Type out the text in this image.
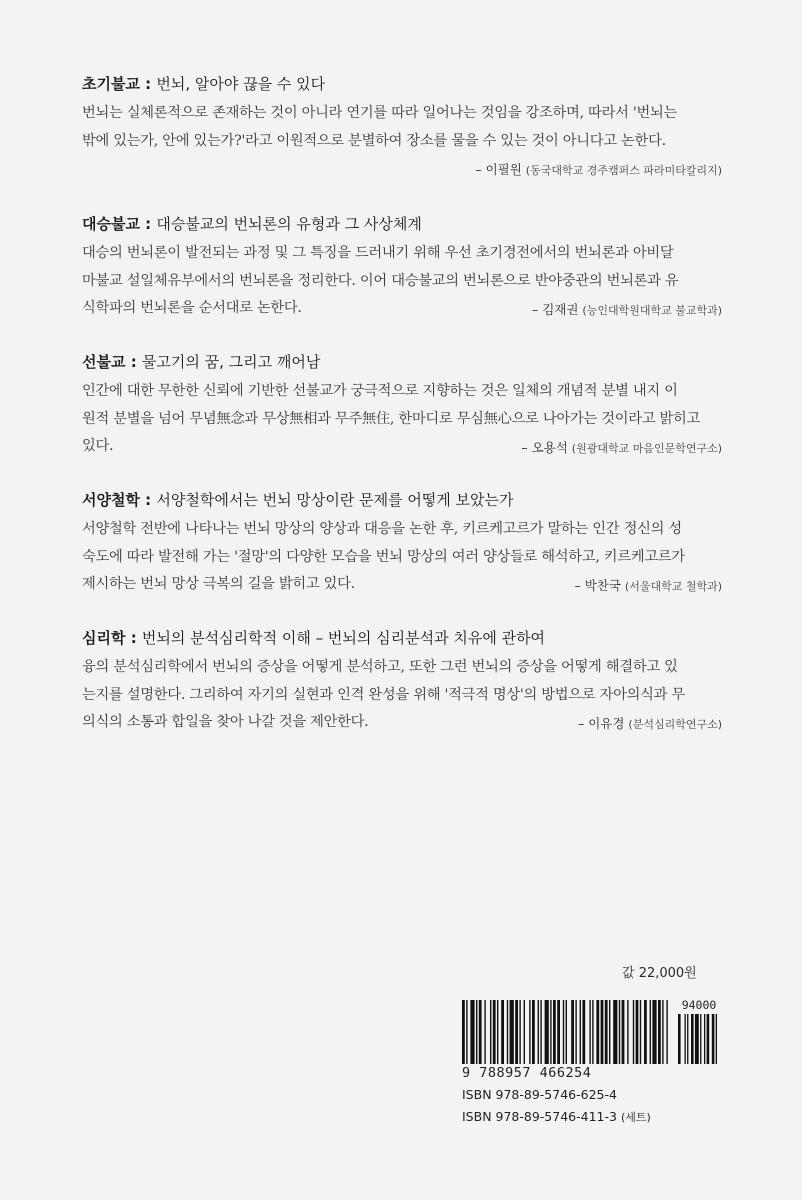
초기불교 : 번뇌, 알아야 끊을 수 있다

번뇌는 실체론적으로 존재하는 것이 아니라 연기를 따라 일어나는 것임을 강조하며, 따라서 '번뇌는
밖에 있는가, 안에 있는가?'라고 이원적으로 분별하여 장소를 물을 수 있는 것이 아니다고 논한다.

– 이필원 (동국대학교 경주캠퍼스 파라미타칼리지)
대승불교 : 대승불교의 번뇌론의 유형과 그 사상체계

대승의 번뇌론이 발전되는 과정 및 그 특징을 드러내기 위해 우선 초기경전에서의 번뇌론과 아비달
마불교 설일체유부에서의 번뇌론을 정리한다. 이어 대승불교의 번뇌론으로 반야중관의 번뇌론과 유
식학파의 번뇌론을 순서대로 논한다.	– 김재권 (능인대학원대학교 불교학과)
선불교 : 물고기의 꿈, 그리고 깨어남

인간에 대한 무한한 신뢰에 기반한 선불교가 궁극적으로 지향하는 것은 일체의 개념적 분별 내지 이
원적 분별을 넘어 무념無念과 무상無相과 무주無住, 한마디로 무심無心으로 나아가는 것이라고 밝히고
있다.	– 오용석 (원광대학교 마음인문학연구소)
서양철학 : 서양철학에서는 번뇌 망상이란 문제를 어떻게 보았는가

서양철학 전반에 나타나는 번뇌 망상의 양상과 대응을 논한 후, 키르케고르가 말하는 인간 정신의 성
숙도에 따라 발전해 가는 '절망'의 다양한 모습을 번뇌 망상의 여러 양상들로 해석하고, 키르케고르가
제시하는 번뇌 망상 극복의 길을 밝히고 있다.	– 박찬국 (서울대학교 철학과)
심리학 : 번뇌의 분석심리학적 이해 – 번뇌의 심리분석과 치유에 관하여

융의 분석심리학에서 번뇌의 증상을 어떻게 분석하고, 또한 그런 번뇌의 증상을 어떻게 해결하고 있
는지를 설명한다. 그리하여 자기의 실현과 인격 완성을 위해 '적극적 명상'의 방법으로 자아의식과 무
의식의 소통과 합일을 찾아 나갈 것을 제안한다.	– 이유경 (분석심리학연구소)
값 22,000원
94000
9 788957 466254
ISBN 978-89-5746-625-4
ISBN 978-89-5746-411-3 (세트)
